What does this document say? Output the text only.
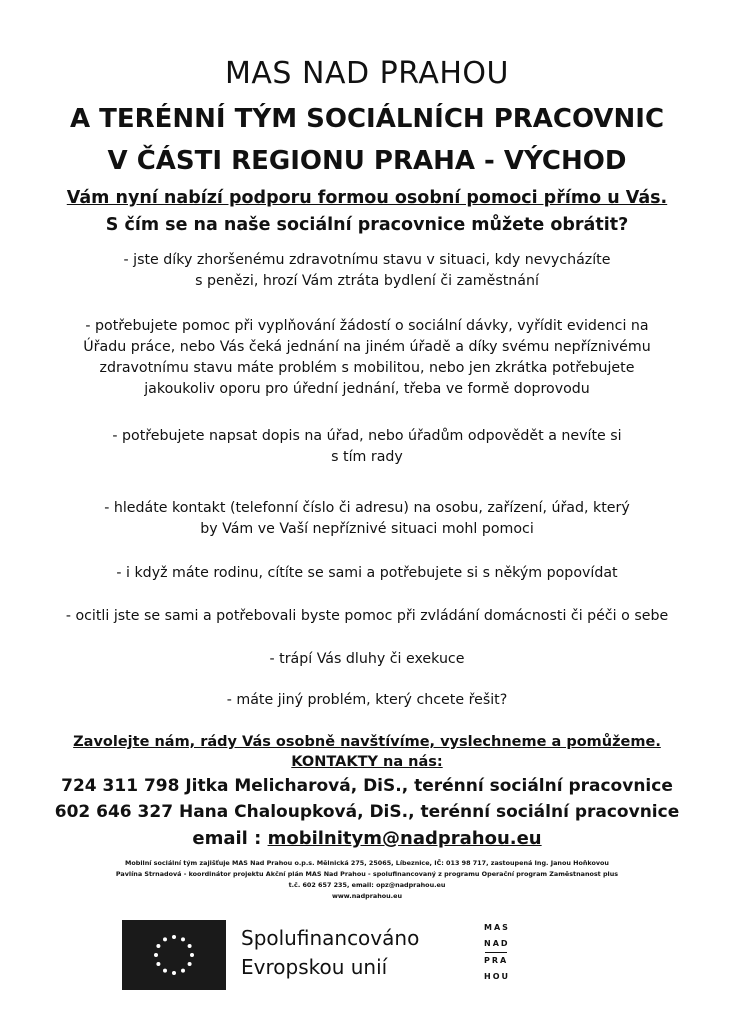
MAS NAD PRAHOU
A TERÉNNÍ TÝM SOCIÁLNÍCH PRACOVNIC
V ČÁSTI REGIONU PRAHA - VÝCHOD
Vám nyní nabízí podporu formou osobní pomoci přímo u Vás.
S čím se na naše sociální pracovnice můžete obrátit?
- jste díky zhoršenému zdravotnímu stavu v situaci, kdy nevycházíte
s penězi, hrozí Vám ztráta bydlení či zaměstnání
- potřebujete pomoc při vyplňování žádostí o sociální dávky, vyřídit evidenci na
Úřadu práce, nebo Vás čeká jednání na jiném úřadě a díky svému nepříznivému
zdravotnímu stavu máte problém s mobilitou, nebo jen zkrátka potřebujete
jakoukoliv oporu pro úřední jednání, třeba ve formě doprovodu
- potřebujete napsat dopis na úřad, nebo úřadům odpovědět a nevíte si
s tím rady
- hledáte kontakt (telefonní číslo či adresu) na osobu, zařízení, úřad, který
by Vám ve Vaší nepříznivé situaci mohl pomoci
- i když máte rodinu, cítíte se sami a potřebujete si s někým popovídat
- ocitli jste se sami a potřebovali byste pomoc při zvládání domácnosti či péči o sebe
- trápí Vás dluhy či exekuce
- máte jiný problém, který chcete řešit?
Zavolejte nám, rády Vás osobně navštívíme, vyslechneme a pomůžeme.
KONTAKTY na nás:
724 311 798 Jitka Melicharová, DiS., terénní sociální pracovnice
602 646 327 Hana Chaloupková, DiS., terénní sociální pracovnice
email : mobilnitym@nadprahou.eu
Mobilní sociální tým zajišťuje MAS Nad Prahou o.p.s. Mělnická 275, 25065, Líbeznice, IČ: 013 98 717, zastoupená Ing. Janou Hoňkovou
Pavlína Strnadová - koordinátor projektu Akční plán MAS Nad Prahou - spolufinancovaný z programu Operační program Zaměstnanost plus
t.č. 602 657 235, email: opz@nadprahou.eu
www.nadprahou.eu
Spolufinancováno
Evropskou unií
MAS
NAD
PRA
HOU
